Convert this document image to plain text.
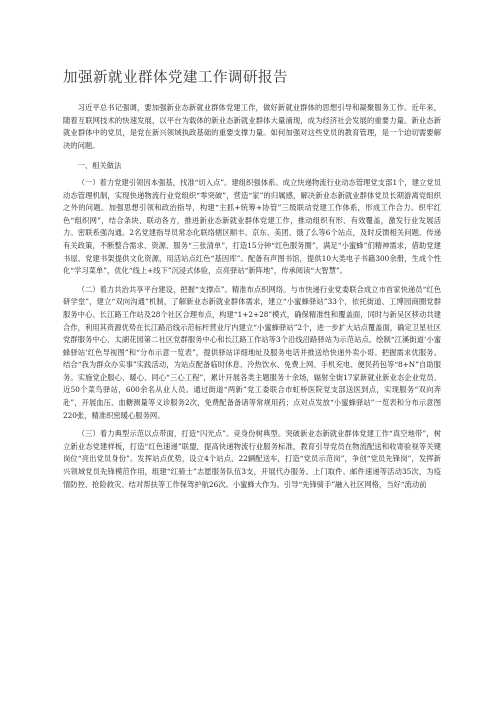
加强新就业群体党建工作调研报告

习近平总书记强调，要加强新业态新就业群体党建工作，做好新就业群体的思想引导和凝聚服务工作。近年来，随着互联网技术的快速发展，以平台为载体的新业态新就业群体大量涌现，成为经济社会发展的重要力量。新业态新就业群体中的党员，是党在新兴领域执政基础的重要支撑力量。如何加强对这些党员的教育管理，是一个迫切需要解决的问题。

一、相关做法

（一）着力党建引领因本强基，找准“切入点”。建组织强体系。成立快递物流行业动态管理党支部1个，建立党员动态管理机制，实现快递物流行业党组织“零突破”，营造“家”的归属感，解决新业态新就业群体党员长期游离党组织之外的问题。加强思想引领和政治指导，构建“主抓+统筹+协管”三级联动党建工作体系，形成工作合力。织牢红色“组织网”，结合条块、联动各方，推进新业态新就业群体党建工作，推动组织有形、有效覆盖，激发行业发展活力。密联系强沟通。2名党建指导员常态化联络辖区顺丰、京东、美团、饿了么等6个站点，及时反馈相关问题、传递有关政策，不断整合需求、资源、服务“三张清单”，打造15分钟“红色服务圈”，满足“小蜜蜂”们精神需求，借助党建书屋、党建书架提供文化资源，用活站点红色“基因库”。配备有声图书馆，提供10大类电子书籍300余册，生成个性化“学习菜单”，优化“线上+线下”沉浸式体验，点亮驿站“新阵地”，传承阅读“大智慧”。

（二）着力共治共享平台建设，把握“支撑点”。精准布点织网络。与市快递行业党委联合成立市首家快递员“红色研学堂”，建立“双向沟通”机制，了解新业态新就业群体需求，建立“小蜜蜂驿站”33个，依托街道、工博园商圈党群服务中心、长江路工作站及28个社区合理布点，构建“1+2+28”模式，确保精准性和覆盖面，同时与新吴区移动共建合作，利用其资源优势在长江路沿线示范标杆营业厅内建立“小蜜蜂驿站”2个，进一步扩大站点覆盖面，确定卫星社区党群服务中心、太湖花园第二社区党群服务中心和长江路工作站等3个沿线沿路驿站为示范站点。绘制“江溪街道‘小蜜蜂驿站’红色导视图”和“分布示意一览表”，提供驿站详细地址及服务电话并推送给快递外卖小哥。把握需求优服务。结合“我为群众办实事”实践活动，为站点配备临时休息、冷热饮水、免费上网、手机充电、便民药包等“8+N”自助服务。实施党企服心、暖心、同心“三心工程”，累计开展各类主题服务十余场，辐射全街17家新就业新业态企业党员、近50个菜鸟驿站，600余名从业人员。通过街道“两新”党工委联合市虹桥医院党支部送医到点，实现服务“双向奔赴”，开展血压、血糖测量等义诊服务2次，免费配备备诸等常规用药；点对点发放“小蜜蜂驿站”一览表和分布示意图220张，精准织密暖心服务网。

（三）着力典型示范以点带面，打造“闪光点”。竞身份树典型。突破新业态新就业群体党建工作“真空地带”，树立新业态党建样板，打造“红色速递”联盟，提高快递物流行业服务标准，教育引导党员在物流配送和收寄验视等关键岗位“亮出党员身份”。发挥站点优势，设立4个站点、22辆配送车，打造“党员示范岗”，争创“党员先锋岗”，发挥新兴领域党员先锋模范作用，组建“红骑士”志愿服务队伍3支，开展代办服务、上门取件、邮件速递等活动35次，为疫情防控、抢险救灾、结对帮扶等工作保驾护航26次。小蜜蜂大作为。引导“先锋骑手”融入社区网格，当好“流动前
